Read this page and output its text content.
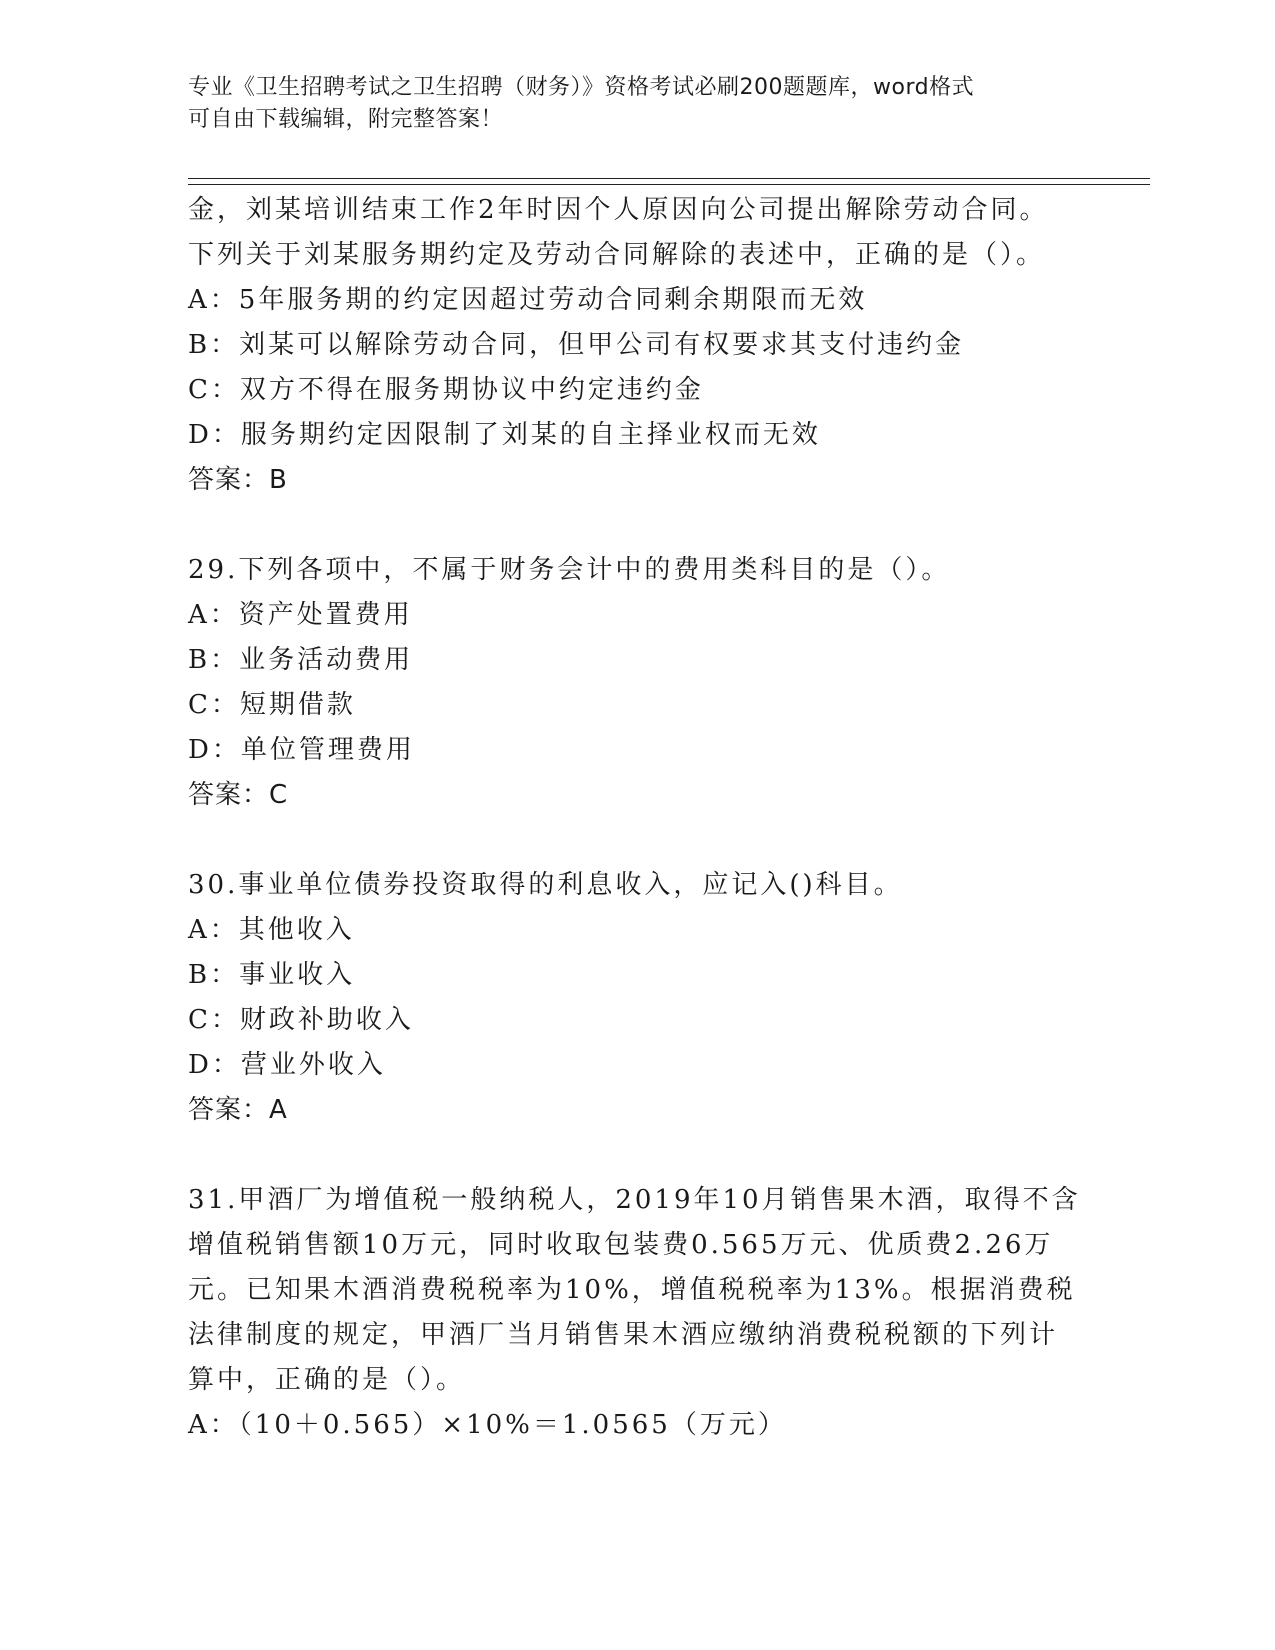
专业《卫生招聘考试之卫生招聘（财务）》资格考试必刷200题题库，word格式
可自由下载编辑，附完整答案！
金，刘某培训结束工作2年时因个人原因向公司提出解除劳动合同。
下列关于刘某服务期约定及劳动合同解除的表述中，正确的是（）。
A：5年服务期的约定因超过劳动合同剩余期限而无效
B：刘某可以解除劳动合同，但甲公司有权要求其支付违约金
C：双方不得在服务期协议中约定违约金
D：服务期约定因限制了刘某的自主择业权而无效
答案：B
29.下列各项中，不属于财务会计中的费用类科目的是（）。
A：资产处置费用
B：业务活动费用
C：短期借款
D：单位管理费用
答案：C
30.事业单位债券投资取得的利息收入，应记入()科目。
A：其他收入
B：事业收入
C：财政补助收入
D：营业外收入
答案：A
31.甲酒厂为增值税一般纳税人，2019年10月销售果木酒，取得不含
增值税销售额10万元，同时收取包装费0.565万元、优质费2.26万
元。已知果木酒消费税税率为10%，增值税税率为13%。根据消费税
法律制度的规定，甲酒厂当月销售果木酒应缴纳消费税税额的下列计
算中，正确的是（）。
A：（10＋0.565）×10%＝1.0565（万元）
